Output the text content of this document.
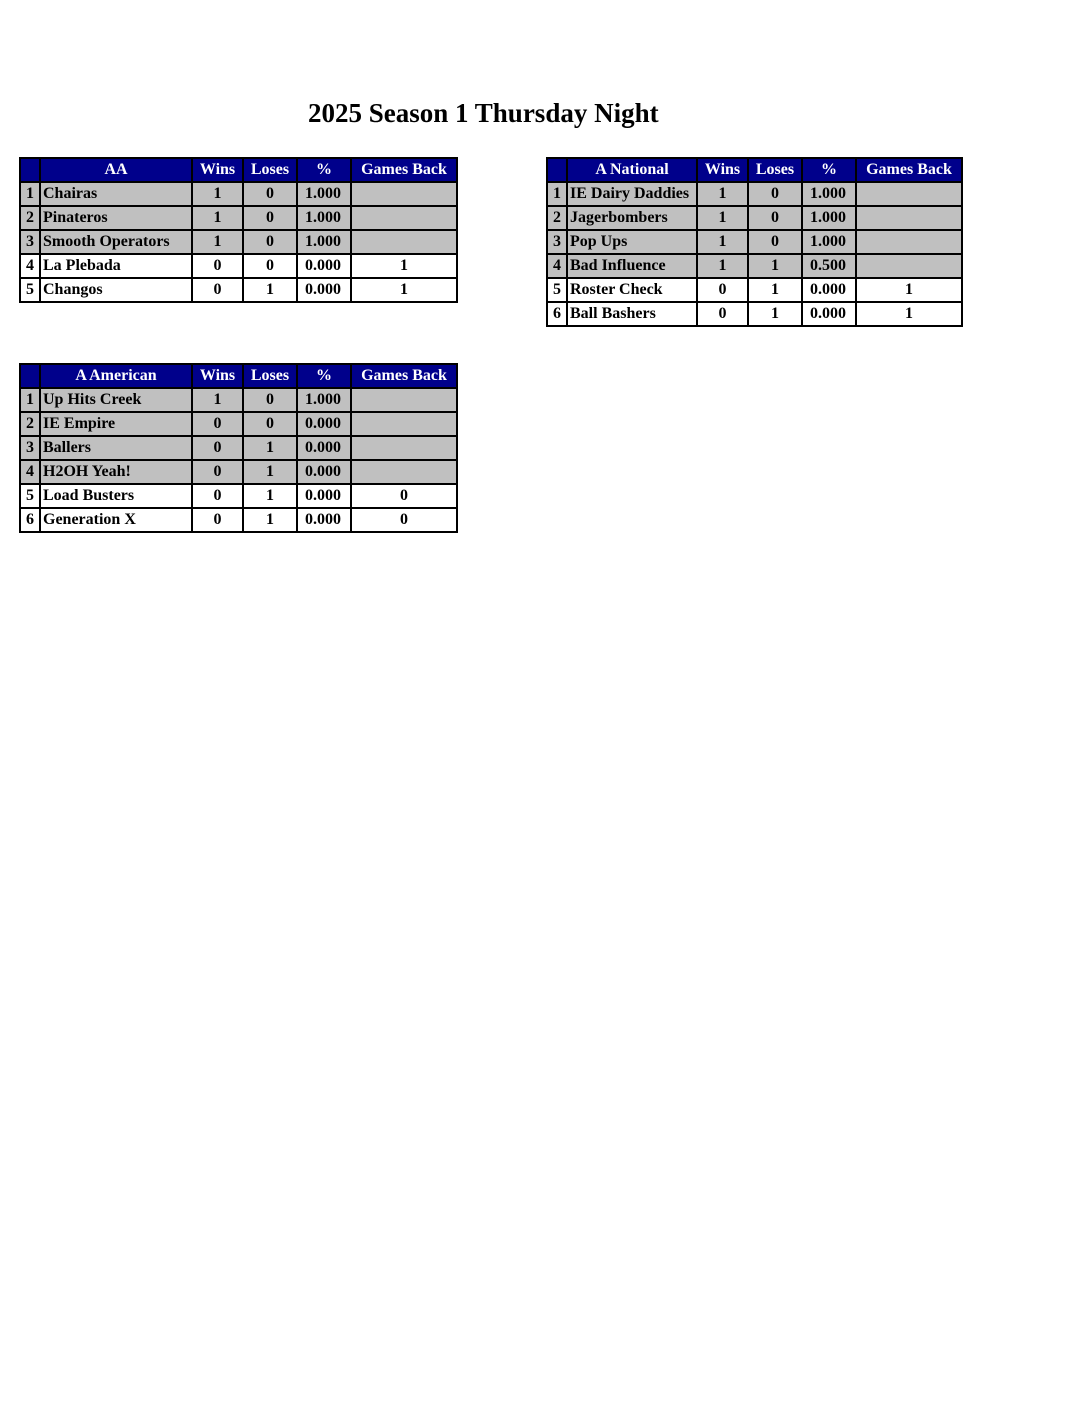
2025 Season 1 Thursday Night
	AA	Wins	Loses	%	Games Back
1	Chairas	1	0	1.000	
2	Pinateros	1	0	1.000	
3	Smooth Operators	1	0	1.000	
4	La Plebada	0	0	0.000	1
5	Changos	0	1	0.000	1
	A National	Wins	Loses	%	Games Back
1	IE Dairy Daddies	1	0	1.000	
2	Jagerbombers	1	0	1.000	
3	Pop Ups	1	0	1.000	
4	Bad Influence	1	1	0.500	
5	Roster Check	0	1	0.000	1
6	Ball Bashers	0	1	0.000	1
	A American	Wins	Loses	%	Games Back
1	Up Hits Creek	1	0	1.000	
2	IE Empire	0	0	0.000	
3	Ballers	0	1	0.000	
4	H2OH Yeah!	0	1	0.000	
5	Load Busters	0	1	0.000	0
6	Generation X	0	1	0.000	0
